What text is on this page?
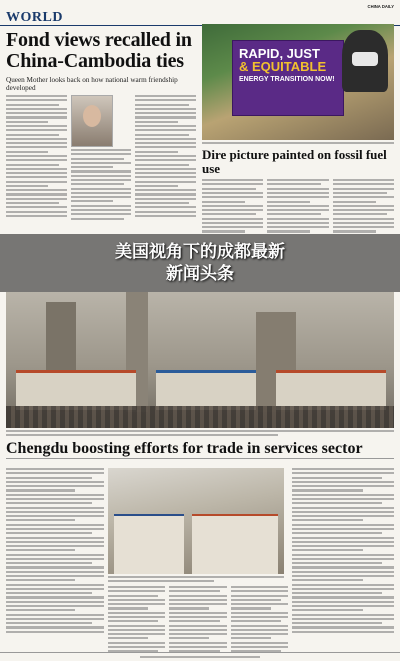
CHINA DAILY
WORLD
Fond views recalled in
China-Cambodia ties
Queen Mother looks back on how national warm friendship developed
RAPID, JUST
& EQUITABLE
ENERGY TRANSITION NOW!
Dire picture painted on fossil fuel use
美国视角下的成都最新
新闻头条
Chengdu boosting efforts for trade in services sector
